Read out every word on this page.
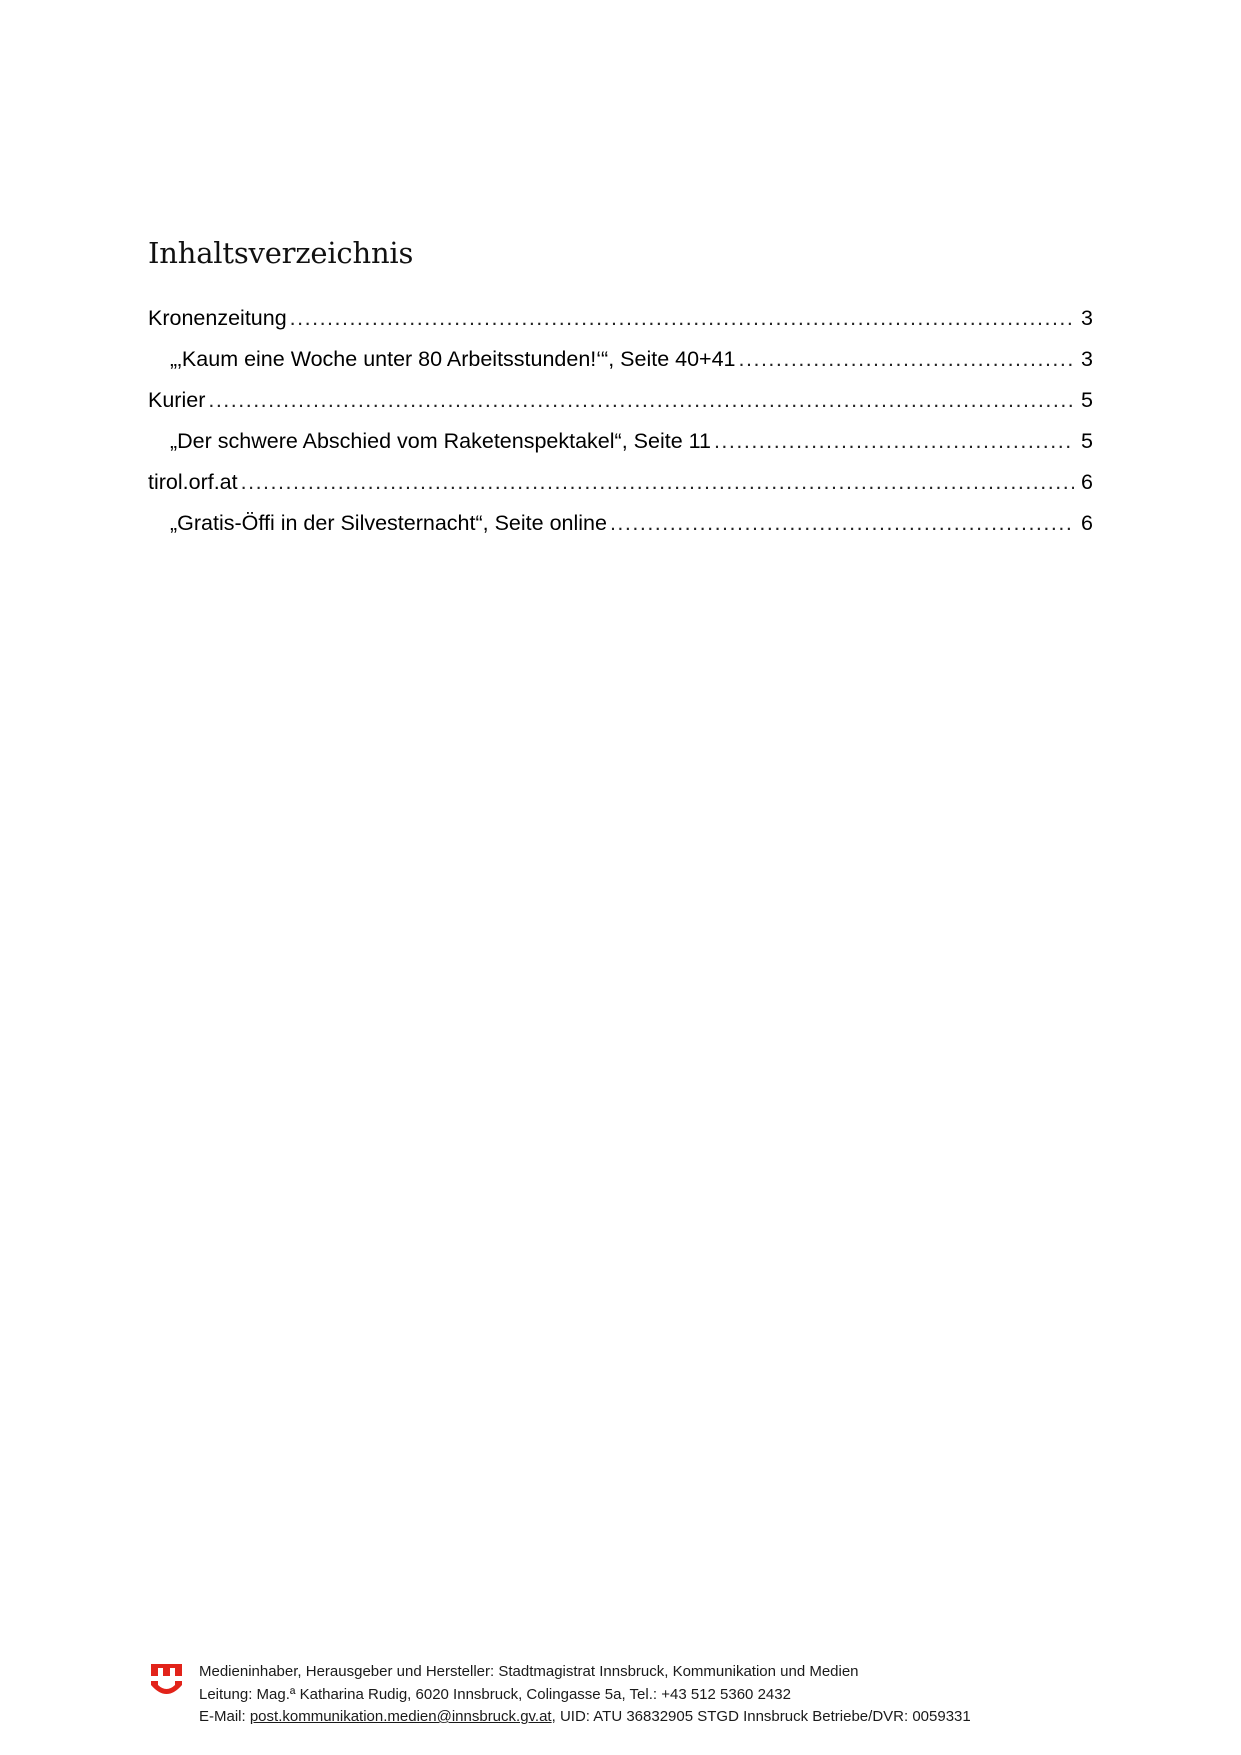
Inhaltsverzeichnis
Kronenzeitung .....	3
„‚Kaum eine Woche unter 80 Arbeitsstunden!‘“, Seite 40+41 .....	3
Kurier .....	5
„Der schwere Abschied vom Raketenspektakel“, Seite 11 .....	5
tirol.orf.at .....	6
„Gratis-Öffi in der Silvesternacht“, Seite online .....	6
Medieninhaber, Herausgeber und Hersteller: Stadtmagistrat Innsbruck, Kommunikation und Medien
Leitung: Mag.ª Katharina Rudig, 6020 Innsbruck, Colingasse 5a, Tel.: +43 512 5360 2432
E-Mail: post.kommunikation.medien@innsbruck.gv.at, UID: ATU 36832905 STGD Innsbruck Betriebe/DVR: 0059331
